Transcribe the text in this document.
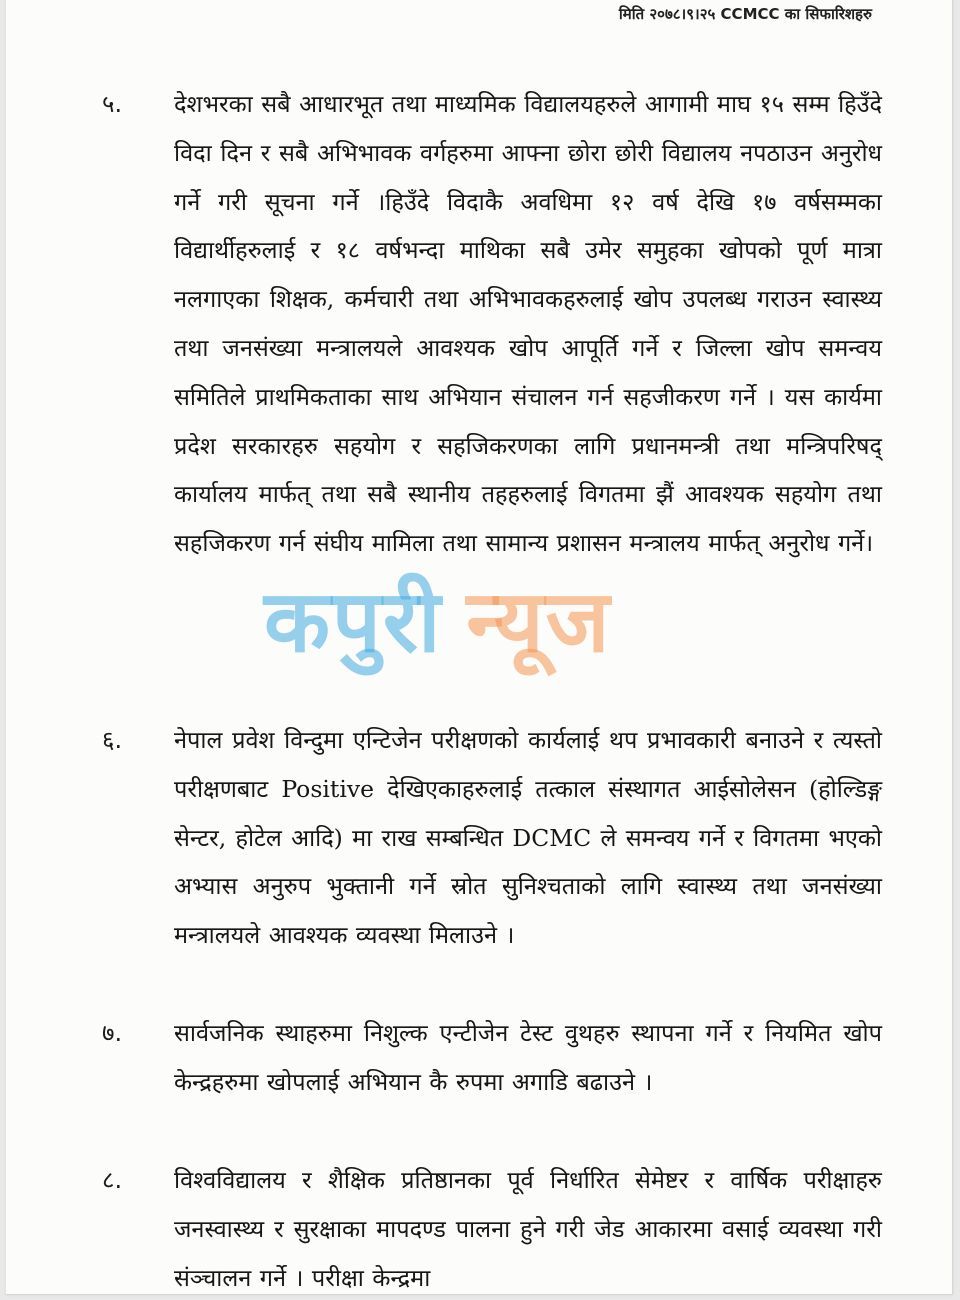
मिति २०७८।९।२५ CCMCC का सिफारिशहरु
५. देशभरका सबै आधारभूत तथा माध्यमिक विद्यालयहरुले आगामी माघ १५ सम्म हिउँदे विदा दिन र सबै अभिभावक वर्गहरुमा आफ्ना छोरा छोरी विद्यालय नपठाउन अनुरोध गर्ने गरी सूचना गर्ने ।हिउँदे विदाकै अवधिमा १२ वर्ष देखि १७ वर्षसम्मका विद्यार्थीहरुलाई र १८ वर्षभन्दा माथिका सबै उमेर समुहका खोपको पूर्ण मात्रा नलगाएका शिक्षक, कर्मचारी तथा अभिभावकहरुलाई खोप उपलब्ध गराउन स्वास्थ्य तथा जनसंख्या मन्त्रालयले आवश्यक खोप आपूर्ति गर्ने र जिल्ला खोप समन्वय समितिले प्राथमिकताका साथ अभियान संचालन गर्न सहजीकरण गर्ने । यस कार्यमा प्रदेश सरकारहरु सहयोग र सहजिकरणका लागि प्रधानमन्त्री तथा मन्त्रिपरिषद् कार्यालय मार्फत् तथा सबै स्थानीय तहहरुलाई विगतमा झैं आवश्यक सहयोग तथा सहजिकरण गर्न संघीय मामिला तथा सामान्य प्रशासन मन्त्रालय मार्फत् अनुरोध गर्ने।

६. नेपाल प्रवेश विन्दुमा एन्टिजेन परीक्षणको कार्यलाई थप प्रभावकारी बनाउने र त्यस्तो परीक्षणबाट Positive देखिएकाहरुलाई तत्काल संस्थागत आईसोलेसन (होल्डिङ्ग सेन्टर, होटेल आदि) मा राख सम्बन्धित DCMC ले समन्वय गर्ने र विगतमा भएको अभ्यास अनुरुप भुक्तानी गर्ने स्रोत सुनिश्चताको लागि स्वास्थ्य तथा जनसंख्या मन्त्रालयले आवश्यक व्यवस्था मिलाउने ।

७. सार्वजनिक स्थाहरुमा निशुल्क एन्टीजेन टेस्ट वुथहरु स्थापना गर्ने र नियमित खोप केन्द्रहरुमा खोपलाई अभियान कै रुपमा अगाडि बढाउने ।

८. विश्वविद्यालय र शैक्षिक प्रतिष्ठानका पूर्व निर्धारित सेमेष्टर र वार्षिक परीक्षाहरु जनस्वास्थ्य र सुरक्षाका मापदण्ड पालना हुने गरी जेड आकारमा वसाई व्यवस्था गरी संञ्चालन गर्ने । परीक्षा केन्द्रमा

कपुरी न्यूज
